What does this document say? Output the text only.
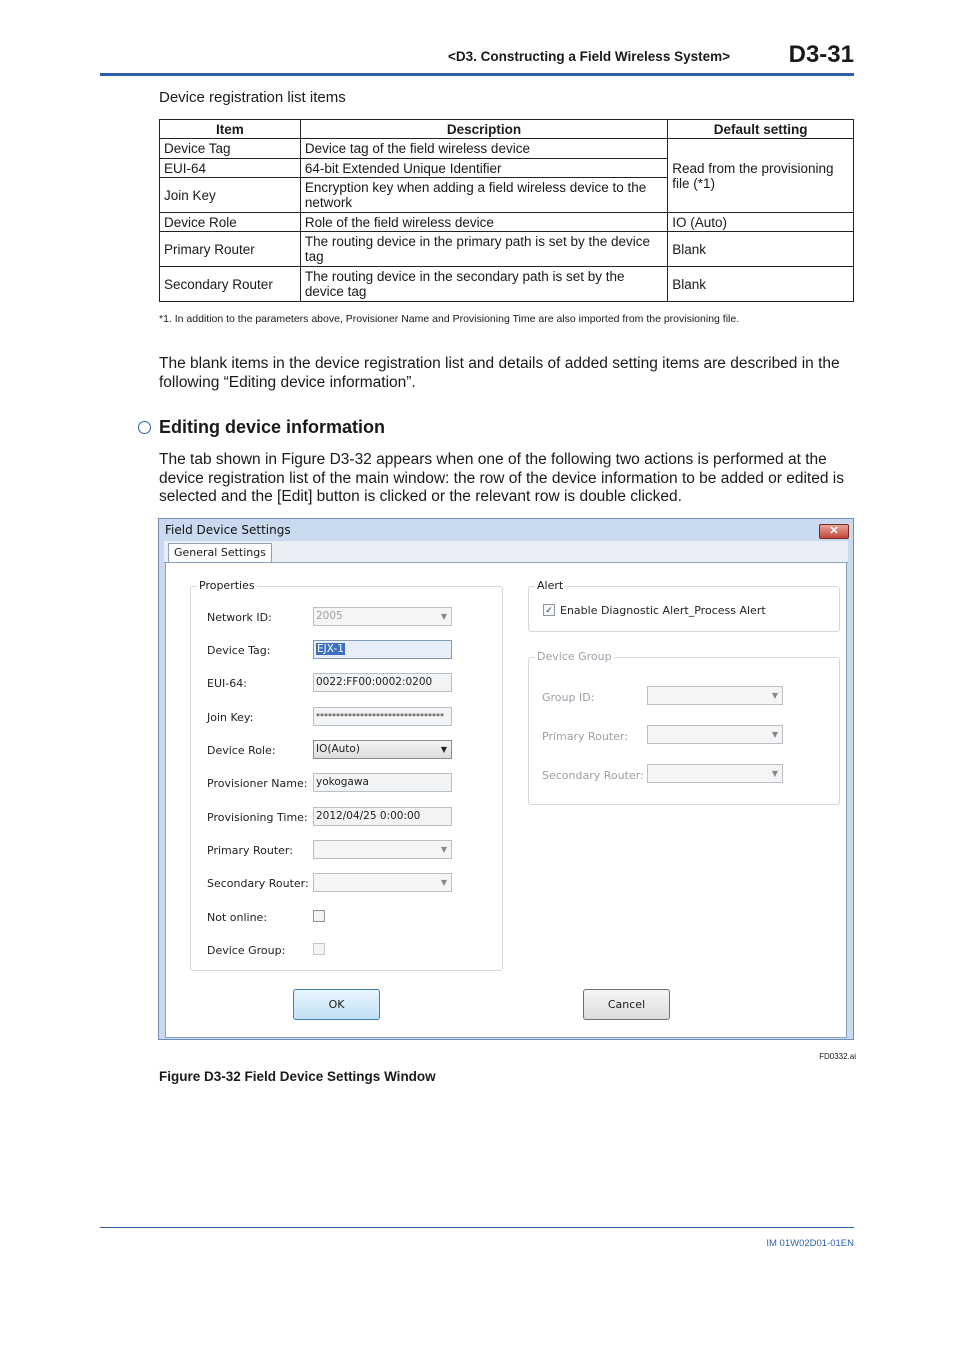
<D3. Constructing a Field Wireless System> D3-31
Device registration list items
Item	Description	Default setting
Device Tag	Device tag of the field wireless device	Read from the provisioning file (*1)
EUI-64	64-bit Extended Unique Identifier	
Join Key	Encryption key when adding a field wireless device to the network	
Device Role	Role of the field wireless device	IO (Auto)
Primary Router	The routing device in the primary path is set by the device tag	Blank
Secondary Router	The routing device in the secondary path is set by the device tag	Blank
*1. In addition to the parameters above, Provisioner Name and Provisioning Time are also imported from the provisioning file.
The blank items in the device registration list and details of added setting items are described in the following “Editing device information”.
Editing device information
The tab shown in Figure D3-32 appears when one of the following two actions is performed at the device registration list of the main window: the row of the device information to be added or edited is selected and the [Edit] button is clicked or the relevant row is double clicked.
Field Device Settings	✕
General Settings
Properties
Network ID:	2005	▼
Device Tag:	EJX-1
EUI-64:	0022:FF00:0002:0200
Join Key:	********************************
Device Role:	IO(Auto)	▼
Provisioner Name: yokogawa
Provisioning Time: 2012/04/25 0:00:00
Primary Router:	▼
Secondary Router:	▼
Not online:
Device Group:
Alert
✓ Enable Diagnostic Alert_Process Alert
Device Group
Group ID:	▼
Primary Router:	▼
Secondary Router:	▼
OK	Cancel
FD0332.ai
Figure D3-32 Field Device Settings Window
IM 01W02D01-01EN
